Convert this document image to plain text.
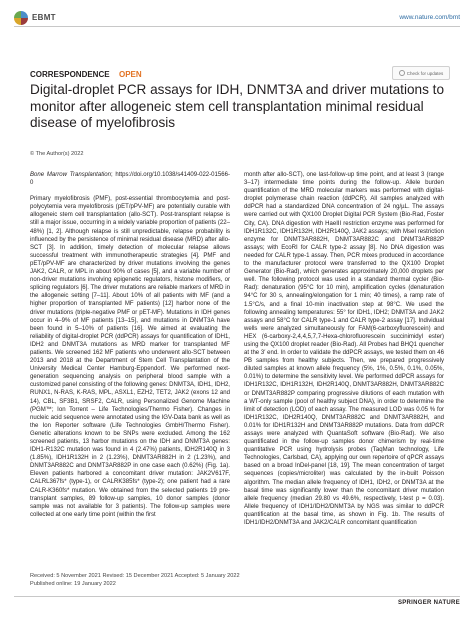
EBMT	www.nature.com/bmt
CORRESPONDENCE OPEN	Check for updates
Digital-droplet PCR assays for IDH, DNMT3A and driver mutations to monitor after allogeneic stem cell transplantation minimal residual disease of myelofibrosis
© The Author(s) 2022

Bone Marrow Transplantation; https://doi.org/10.1038/s41409-022-01566-0

Primary myelofibrosis (PMF), post-essential thrombocytemia and post-polycytemia vera myelofibrosis (pET/pPV-MF) are potentially curable with allogeneic stem cell transplantation (allo-SCT). Post-transplant relapse is still a major issue, occurring in a widely variable proportion of patients (22–48%) [1, 2]. Although relapse is still unpredictable, relapse probability is influenced by the persistence of minimal residual disease (MRD) after allo-SCT [3]. In addition, timely detection of molecular relapse allows successful treatment with immunotherapeutic strategies [4]. PMF and pET/pPV-MF are characterized by driver mutations involving the genes JAK2, CALR, or MPL in about 90% of cases [5], and a variable number of non-driver mutations involving epigenetic regulators, histone modifiers, or splicing regulators [6]. The driver mutations are reliable markers of MRD in the allogeneic setting [7–11]. About 10% of all patients with MF (and a higher proportion of transplanted MF patients) [12] harbor none of the driver mutations (triple-negative PMF or pET-MF). Mutations in IDH genes occur in 4–9% of MF patients [13–15], and mutations in DNMT3A have been found in 5–10% of patients [16]. We aimed at evaluating the reliability of digital-droplet PCR (ddPCR) assays for quantification of IDH1, IDH2 and DNMT3A mutations as MRD marker for transplanted MF patients. We screened 162 MF patients who underwent allo-SCT between 2013 and 2018 at the Department of Stem Cell Transplantation of the University Medical Center Hamburg-Eppendorf. We performed next-generation sequencing analysis on peripheral blood sample with a customized panel consisting of the following genes: DNMT3A, IDH1, IDH2, RUNX1, N-RAS, K-RAS, MPL, ASXL1, EZH2, TET2, JAK2 (exons 12 and 14), CBL, SF3B1, SRSF2, CALR, using Personalized Genome Machine (PGM™; Ion Torrent – Life Technologies/Thermo Fisher). Changes in nucleic acid sequence were annotated using the IGV-Data bank as well as the Ion Reporter software (Life Technologies GmbH/Thermo Fisher). Genetic alterations known to be SNPs were excluded. Among the 162 screened patients, 13 harbor mutations on the IDH and DNMT3A genes: IDH1-R132C mutation was found in 4 (2.47%) patients, IDH2R140Q in 3 (1.85%), IDH1R132H in 2 (1.23%), DNMT3AR882H in 2 (1.23%), and DNMT3AR882C and DNMT3AR882P in one case each (0.62%) (Fig. 1a). Eleven patients harbored a concomitant driver mutation: JAK2V617F, CALRL367fs* (type-1), or CALRK385fs* (type-2); one patient had a rare CALR-K360fs* mutation. We obtained from the selected patients 19 pre-transplant samples, 89 follow-up samples, 10 donor samples (donor sample was not available for 3 patients). The follow-up samples were collected at one early time point (within the first

month after allo-SCT), one last-follow-up time point, and at least 3 (range 3–17) intermediate time points during the follow-up. Allele burden quantification of the MRD molecular markers was performed with digital-droplet polymerase chain reaction (ddPCR). All samples analyzed with ddPCR had a standardized DNA concentration of 24 ng/µL. The assays were carried out with QX100 Droplet Digital PCR System (Bio-Rad, Foster City, CA). DNA digestion with HaeIII restriction enzyme was performed for IDH1R132C, IDH1R132H, IDH2R140Q, JAK2 assays; with MseI restriction enzyme for DNMT3AR882H, DNMT3AR882C and DNMT3AR882P assays; with EcoRI for CALR type-2 assay [8]. No DNA digestion was needed for CALR type-1 assay. Then, PCR mixes produced in accordance to the manufacturer protocol were transferred to the QX100 Droplet Generator (Bio-Rad), which generates approximately 20,000 droplets per well. The following protocol was used in a standard thermal cycler (Bio-Rad): denaturation (95°C for 10 min), amplification cycles (denaturation 94°C for 30 s, annealing/elongation for 1 min; 40 times), a ramp rate of 1.5°C/s, and a final 10-min inactivation step at 98°C. We used the following annealing temperatures: 55° for IDH1, IDH2; DNMT3A and JAK2 assays and 58°C for CALR type-1 and CALR type-2 assay [17]. Individual wells were analyzed simultaneously for FAM(6-carboxyfluorescein) and HEX (6-carboxy-2,4,4,5,7,7-Hexa-chlorofluorescein succinimidyl ester) using the QX100 droplet reader (Bio-Rad). All Probes had BHQ1 quencher at the 3′ end. In order to validate the ddPCR assays, we tested them on 46 PB samples from healthy subjects. Then, we prepared progressively diluted samples at known allele frequency (5%, 1%, 0.5%, 0.1%, 0.05%, 0.01%) to determine the sensitivity level. We performed ddPCR assays for IDH1R132C, IDH1R132H, IDH2R140Q, DNMT3AR882H, DNMT3AR882C or DNMT3AR882P comparing progressive dilutions of each mutation with a WT-only sample (pool of healthy subject DNA), in order to determine the limit of detection (LOD) of each assay. The measured LOD was 0.05 % for IDH1R132C, IDH2R140Q, DNMT3AR882C and DNMT3AR882H, and 0.01% for IDH1R132H and DNMT3AR882P mutations. Data from ddPCR assays were analyzed with QuantaSoft software (Bio-Rad). We also quantificated in the follow-up samples donor chimerism by real-time quantitative PCR using hydrolysis probes (TaqMan technology, Life Technologies, Carlsbad, CA), applying our own repertoire of qPCR assays based on a broad InDel-panel [18, 19]. The mean concentration of target sequences (copies/microliter) was calculated by the in-built Poisson algorithm. The median allele frequency of IDH1, IDH2, or DNMT3A at the basal time was significantly lower than the concomitant driver mutation allele frequency (median 29.80 vs 49.6%, respectively, t-test p = 0.03). Allele frequency of IDH1/IDH2/DNMT3A by NGS was similar to ddPCR quantification at the basal time, as shown in Fig. 1b. The results of IDH1/IDH2/DNMT3A and JAK2/CALR concomitant quantification

Received: 5 November 2021 Revised: 15 December 2021 Accepted: 5 January 2022
Published online: 19 January 2022
SPRINGER NATURE
